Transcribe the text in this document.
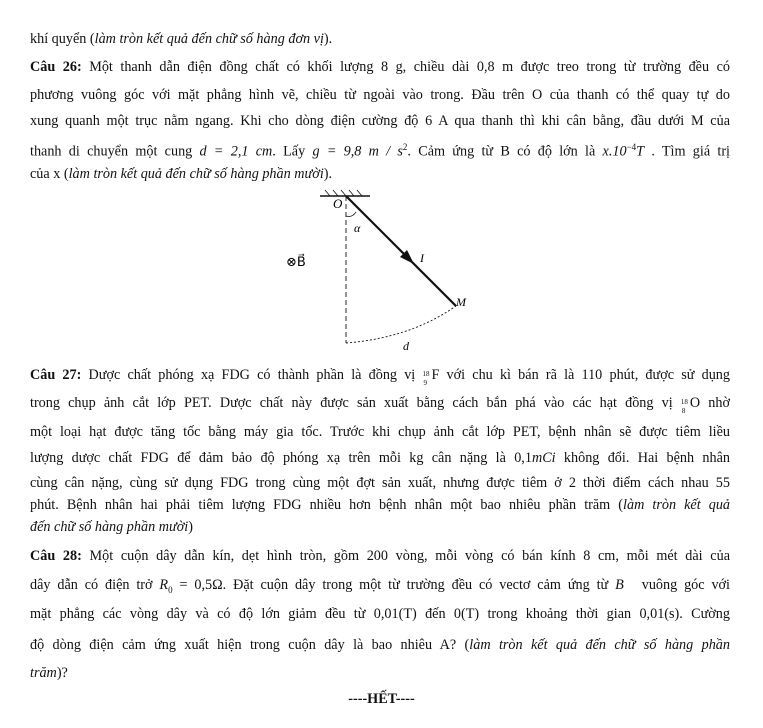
khí quyển (làm tròn kết quả đến chữ số hàng đơn vị).
Câu 26: Một thanh dẫn điện đồng chất có khối lượng 8 g, chiều dài 0,8 m được treo trong từ trường đều có
phương vuông góc với mặt phẳng hình vẽ, chiều từ ngoài vào trong. Đầu trên O của thanh có thể quay tự do
xung quanh một trục nằm ngang. Khi cho dòng điện cường độ 6 A qua thanh thì khi cân bằng, đầu dưới M của
thanh di chuyển một cung d = 2,1 cm. Lấy g = 9,8 m / $s^2$. Cảm ứng từ B có độ lớn là $x.10^{-4}T$ . Tìm giá trị
của x (làm tròn kết quả đến chữ số hàng phần mười).
O
α
I
M
d
⊗B⃗
Câu 27: Dược chất phóng xạ FDG có thành phần là đồng vị 18
9 F với chu kì bán rã là 110 phút, được sử dụng
trong chụp ảnh cắt lớp PET. Dược chất này được sản xuất bằng cách bắn phá vào các hạt đồng vị 18
8 O nhờ
một loại hạt được tăng tốc bằng máy gia tốc. Trước khi chụp ảnh cắt lớp PET, bệnh nhân sẽ được tiêm liều
lượng dược chất FDG để đảm bảo độ phóng xạ trên mỗi kg cân nặng là 0,1mCi không đổi. Hai bệnh nhân
cùng cân nặng, cùng sử dụng FDG trong cùng một đợt sản xuất, nhưng được tiêm ở 2 thời điểm cách nhau 55
phút. Bệnh nhân hai phải tiêm lượng FDG nhiều hơn bệnh nhân một bao nhiêu phần trăm (làm tròn kết quả
đến chữ số hàng phần mười)
Câu 28: Một cuộn dây dẫn kín, dẹt hình tròn, gồm 200 vòng, mỗi vòng có bán kính 8 cm, mỗi mét dài của
dây dẫn có điện trở $R_0 = 0,5\Omega$. Đặt cuộn dây trong một từ trường đều có vectơ cảm ứng từ B⃗ vuông góc với
mặt phẳng các vòng dây và có độ lớn giảm đều từ 0,01(T) đến 0(T) trong khoảng thời gian 0,01(s). Cường
độ dòng điện cảm ứng xuất hiện trong cuộn dây là bao nhiêu A? (làm tròn kết quả đến chữ số hàng phần
trăm)?
----HẾT----
